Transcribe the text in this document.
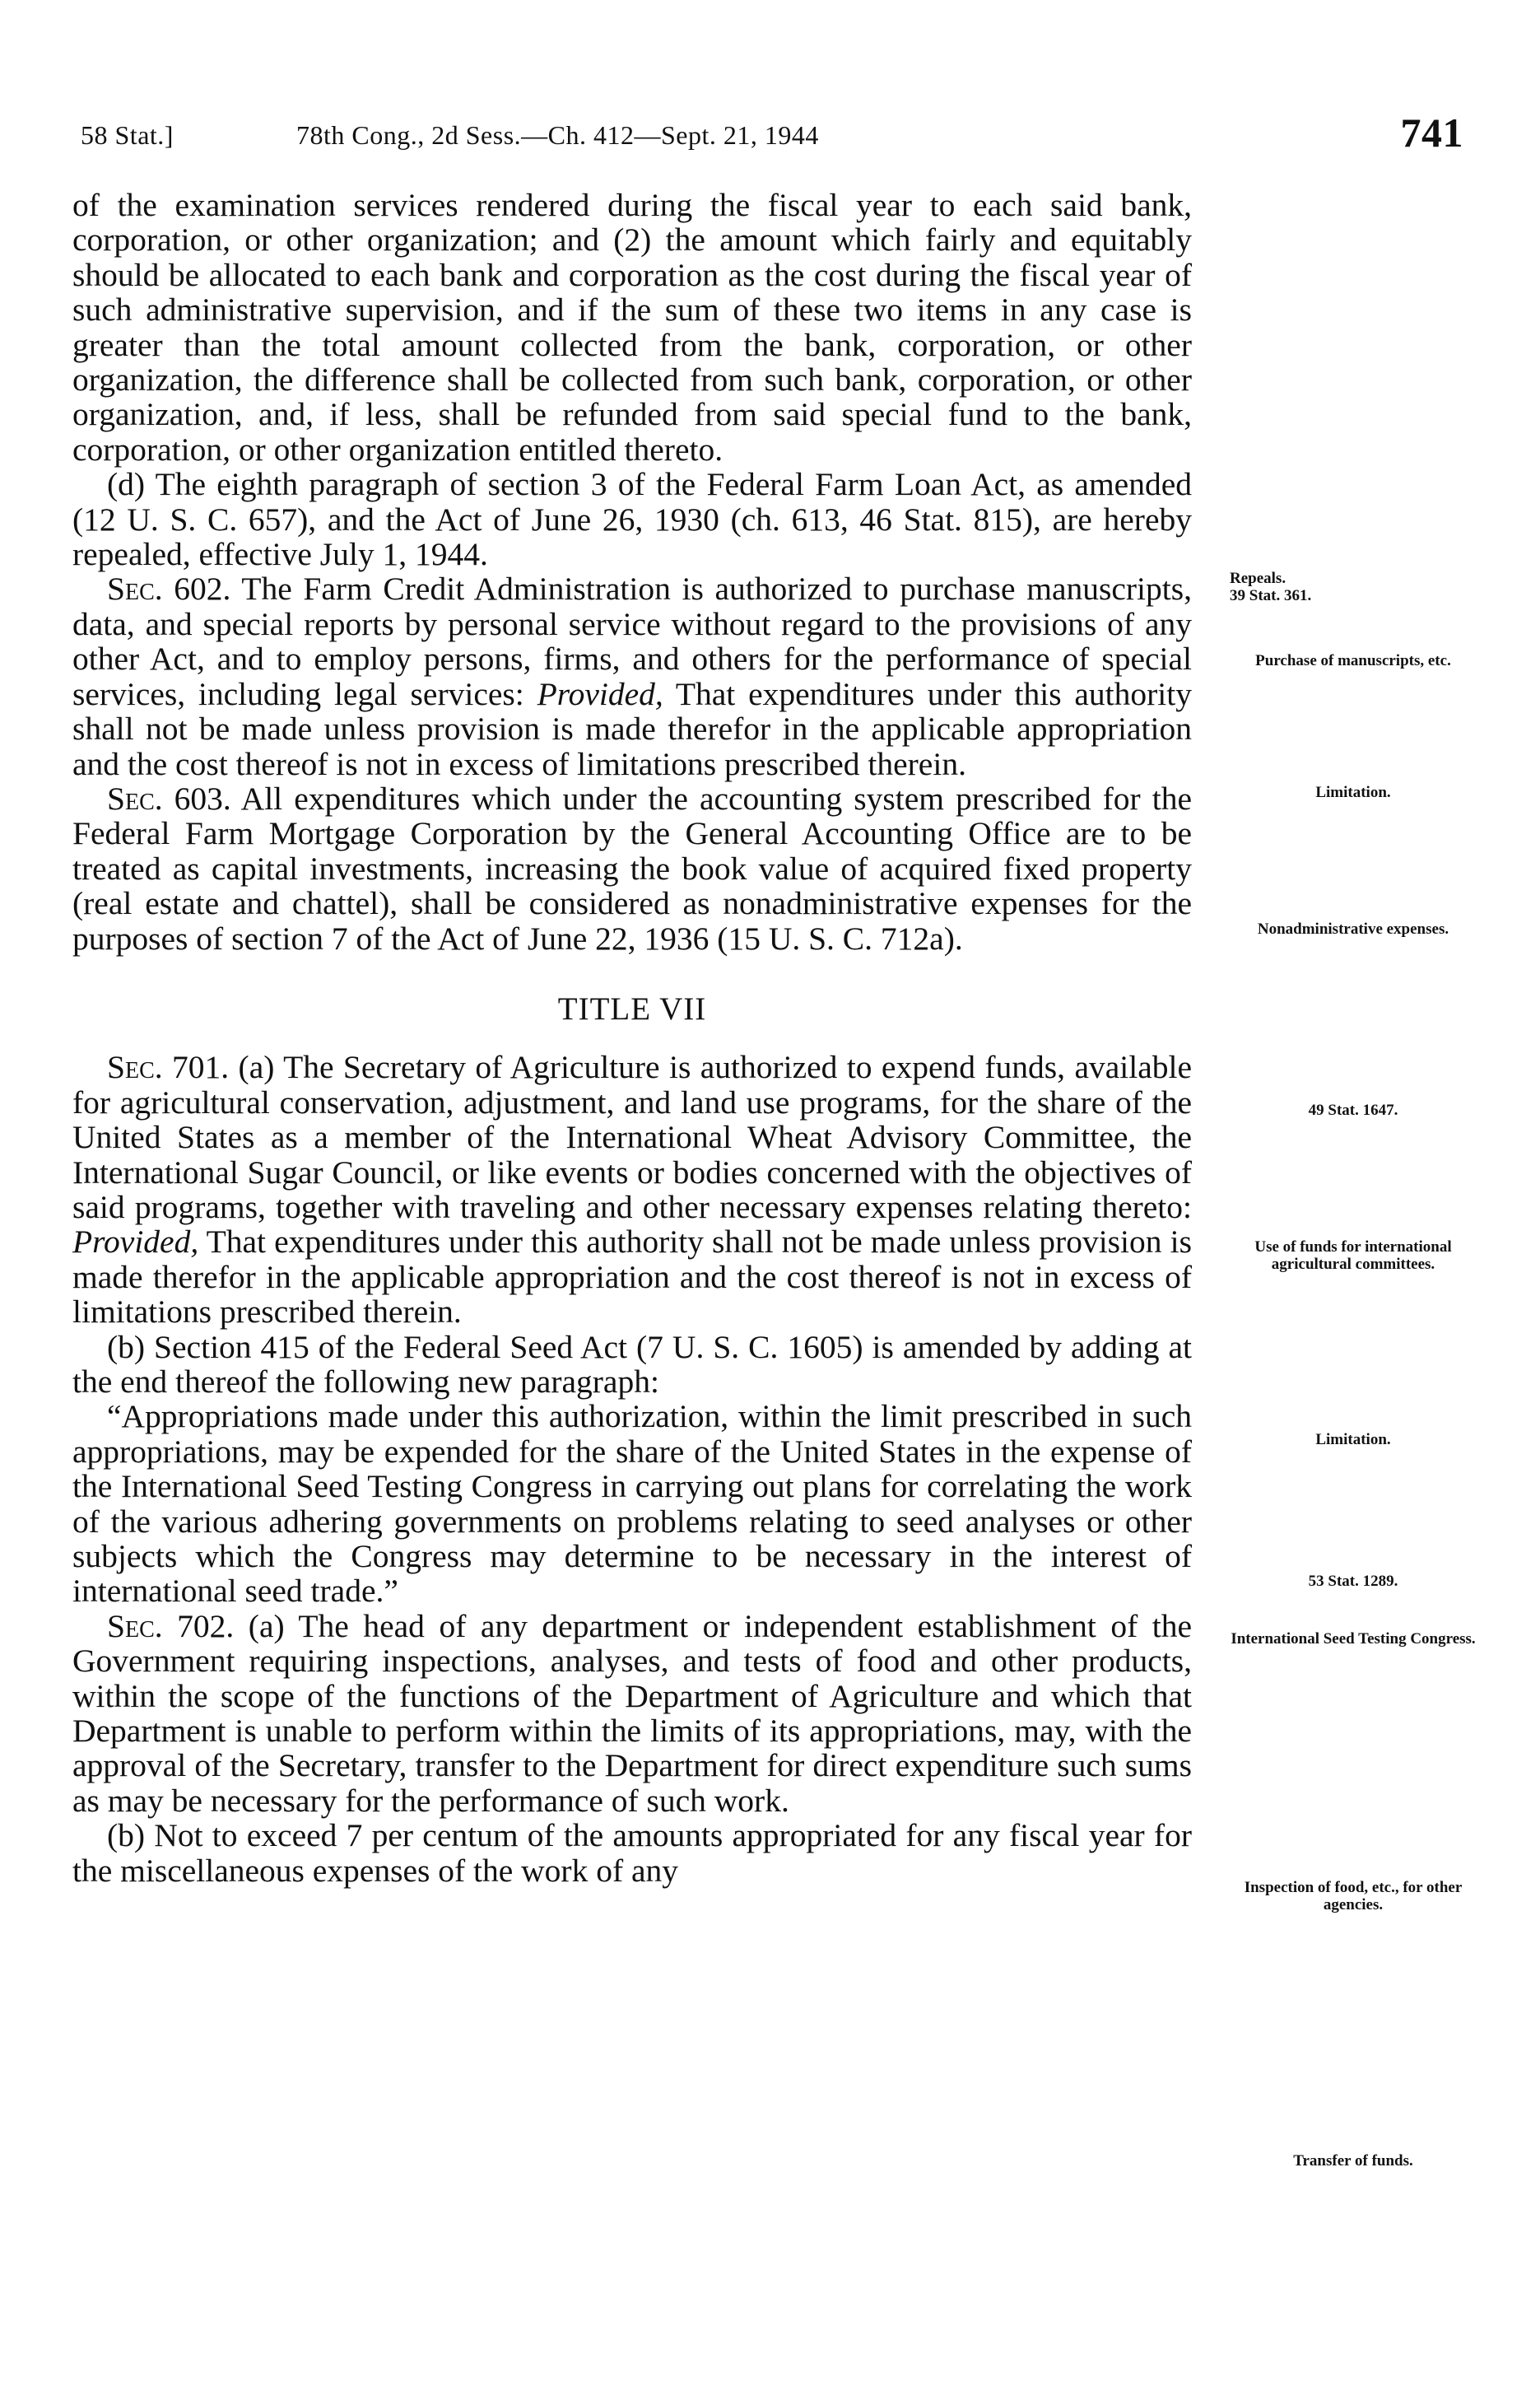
58 Stat.]	78th Cong., 2d Sess.—Ch. 412—Sept. 21, 1944	741

of the examination services rendered during the fiscal year to each said bank, corporation, or other organization; and (2) the amount which fairly and equitably should be allocated to each bank and corporation as the cost during the fiscal year of such administrative supervision, and if the sum of these two items in any case is greater than the total amount collected from the bank, corporation, or other organization, the difference shall be collected from such bank, corporation, or other organization, and, if less, shall be refunded from said special fund to the bank, corporation, or other organization entitled thereto.

(d) The eighth paragraph of section 3 of the Federal Farm Loan Act, as amended (12 U. S. C. 657), and the Act of June 26, 1930 (ch. 613, 46 Stat. 815), are hereby repealed, effective July 1, 1944.

Sec. 602. The Farm Credit Administration is authorized to purchase manuscripts, data, and special reports by personal service without regard to the provisions of any other Act, and to employ persons, firms, and others for the performance of special services, including legal services: Provided, That expenditures under this authority shall not be made unless provision is made therefor in the applicable appropriation and the cost thereof is not in excess of limitations prescribed therein.

Sec. 603. All expenditures which under the accounting system prescribed for the Federal Farm Mortgage Corporation by the General Accounting Office are to be treated as capital investments, increasing the book value of acquired fixed property (real estate and chattel), shall be considered as nonadministrative expenses for the purposes of section 7 of the Act of June 22, 1936 (15 U. S. C. 712a).

TITLE VII

Sec. 701. (a) The Secretary of Agriculture is authorized to expend funds, available for agricultural conservation, adjustment, and land use programs, for the share of the United States as a member of the International Wheat Advisory Committee, the International Sugar Council, or like events or bodies concerned with the objectives of said programs, together with traveling and other necessary expenses relating thereto: Provided, That expenditures under this authority shall not be made unless provision is made therefor in the applicable appropriation and the cost thereof is not in excess of limitations prescribed therein.

(b) Section 415 of the Federal Seed Act (7 U. S. C. 1605) is amended by adding at the end thereof the following new paragraph:

“Appropriations made under this authorization, within the limit prescribed in such appropriations, may be expended for the share of the United States in the expense of the International Seed Testing Congress in carrying out plans for correlating the work of the various adhering governments on problems relating to seed analyses or other subjects which the Congress may determine to be necessary in the interest of international seed trade.”

Sec. 702. (a) The head of any department or independent establishment of the Government requiring inspections, analyses, and tests of food and other products, within the scope of the functions of the Department of Agriculture and which that Department is unable to perform within the limits of its appropriations, may, with the approval of the Secretary, transfer to the Department for direct expenditure such sums as may be necessary for the performance of such work.

(b) Not to exceed 7 per centum of the amounts appropriated for any fiscal year for the miscellaneous expenses of the work of any

Repeals.
39 Stat. 361.
Purchase of manuscripts, etc.
Limitation.
Nonadministrative expenses.
49 Stat. 1647.
Use of funds for international agricultural committees.
Limitation.
53 Stat. 1289.
International Seed Testing Congress.
Inspection of food, etc., for other agencies.
Transfer of funds.
